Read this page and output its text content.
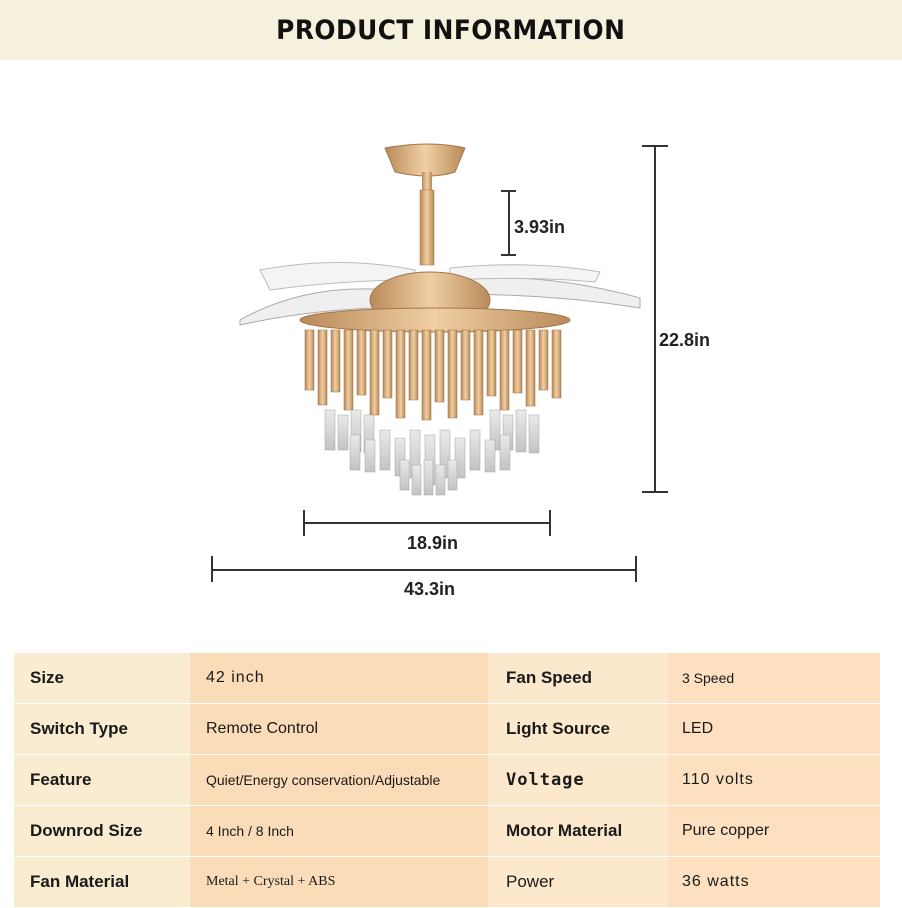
PRODUCT INFORMATION
3.93in
22.8in
18.9in
43.3in
Size	42 inch	Fan Speed	3 Speed
Switch Type	Remote Control	Light Source	LED
Feature	Quiet/Energy conservation/Adjustable	Voltage	110 volts
Downrod Size	4 Inch / 8 Inch	Motor Material	Pure copper
Fan Material	Metal + Crystal + ABS	Power	36 watts
